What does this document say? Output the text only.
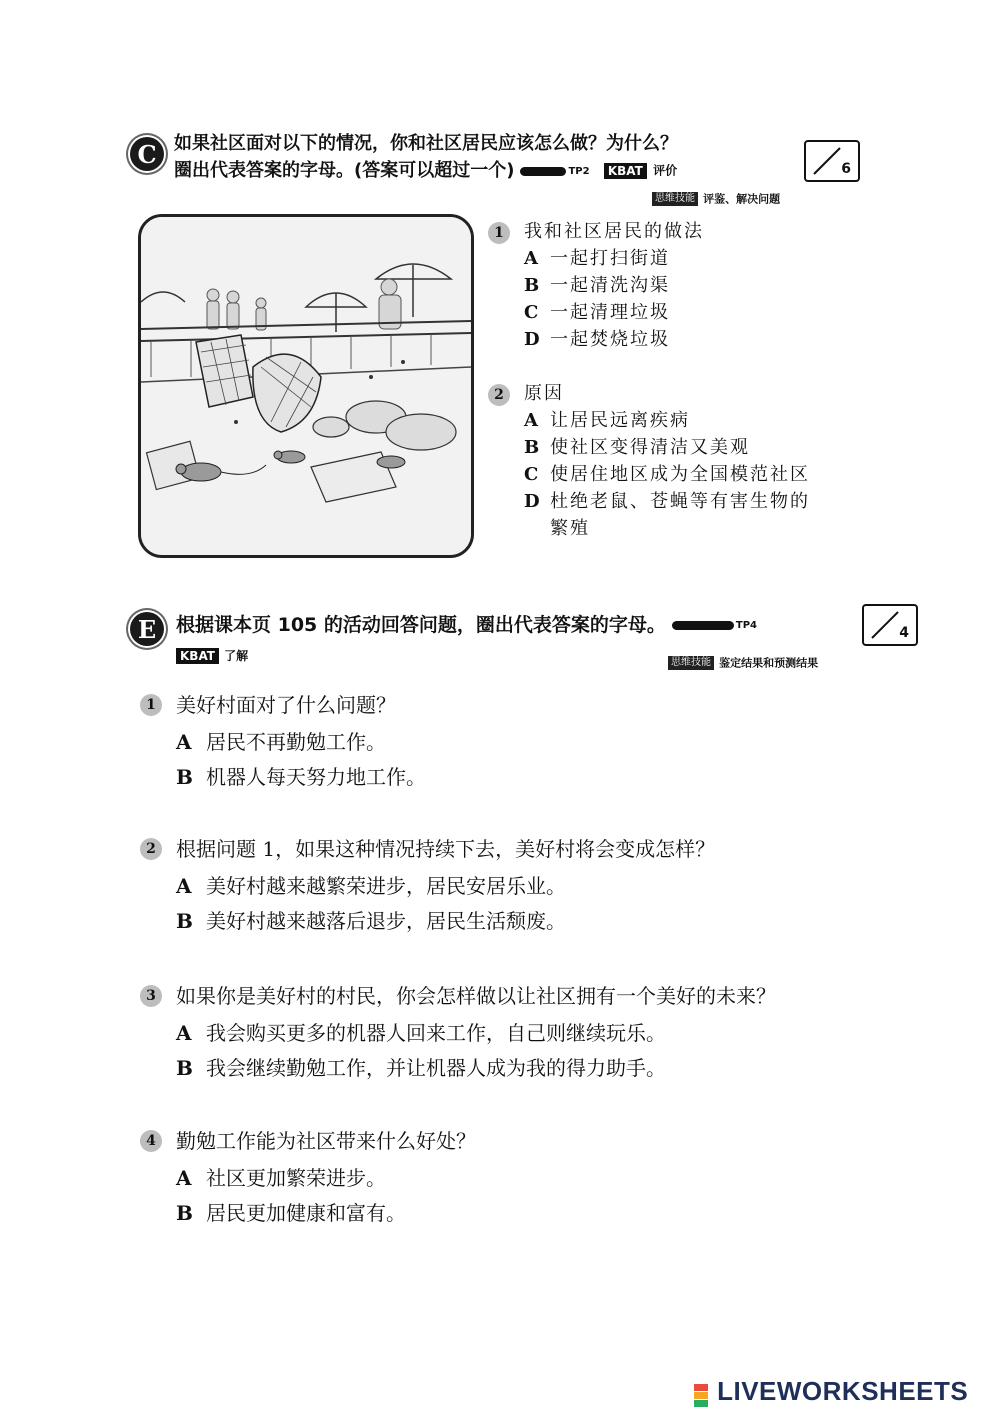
C 如果社区面对以下的情况，你和社区居民应该怎么做？为什么？
圈出代表答案的字母。(答案可以超过一个)	TP2 KBAT 评价
思维技能 评鉴、解决问题
6
1	我和社区居民的做法
A 一起打扫街道
B 一起清洗沟渠
C 一起清理垃圾
D 一起焚烧垃圾
2	原因
A 让居民远离疾病
B 使社区变得清洁又美观
C 使居住地区成为全国模范社区
D 杜绝老鼠、苍蝇等有害生物的
繁殖
E	根据课本页 105 的活动回答问题，圈出代表答案的字母。	TP4
KBAT 了解	思维技能 鉴定结果和预测结果
4
1	美好村面对了什么问题？
A 居民不再勤勉工作。
B 机器人每天努力地工作。
2	根据问题 1，如果这种情况持续下去，美好村将会变成怎样？
A 美好村越来越繁荣进步，居民安居乐业。
B 美好村越来越落后退步，居民生活颓废。
3	如果你是美好村的村民，你会怎样做以让社区拥有一个美好的未来？
A 我会购买更多的机器人回来工作，自己则继续玩乐。
B 我会继续勤勉工作，并让机器人成为我的得力助手。
4	勤勉工作能为社区带来什么好处？
A 社区更加繁荣进步。
B 居民更加健康和富有。
LIVEWORKSHEETS
